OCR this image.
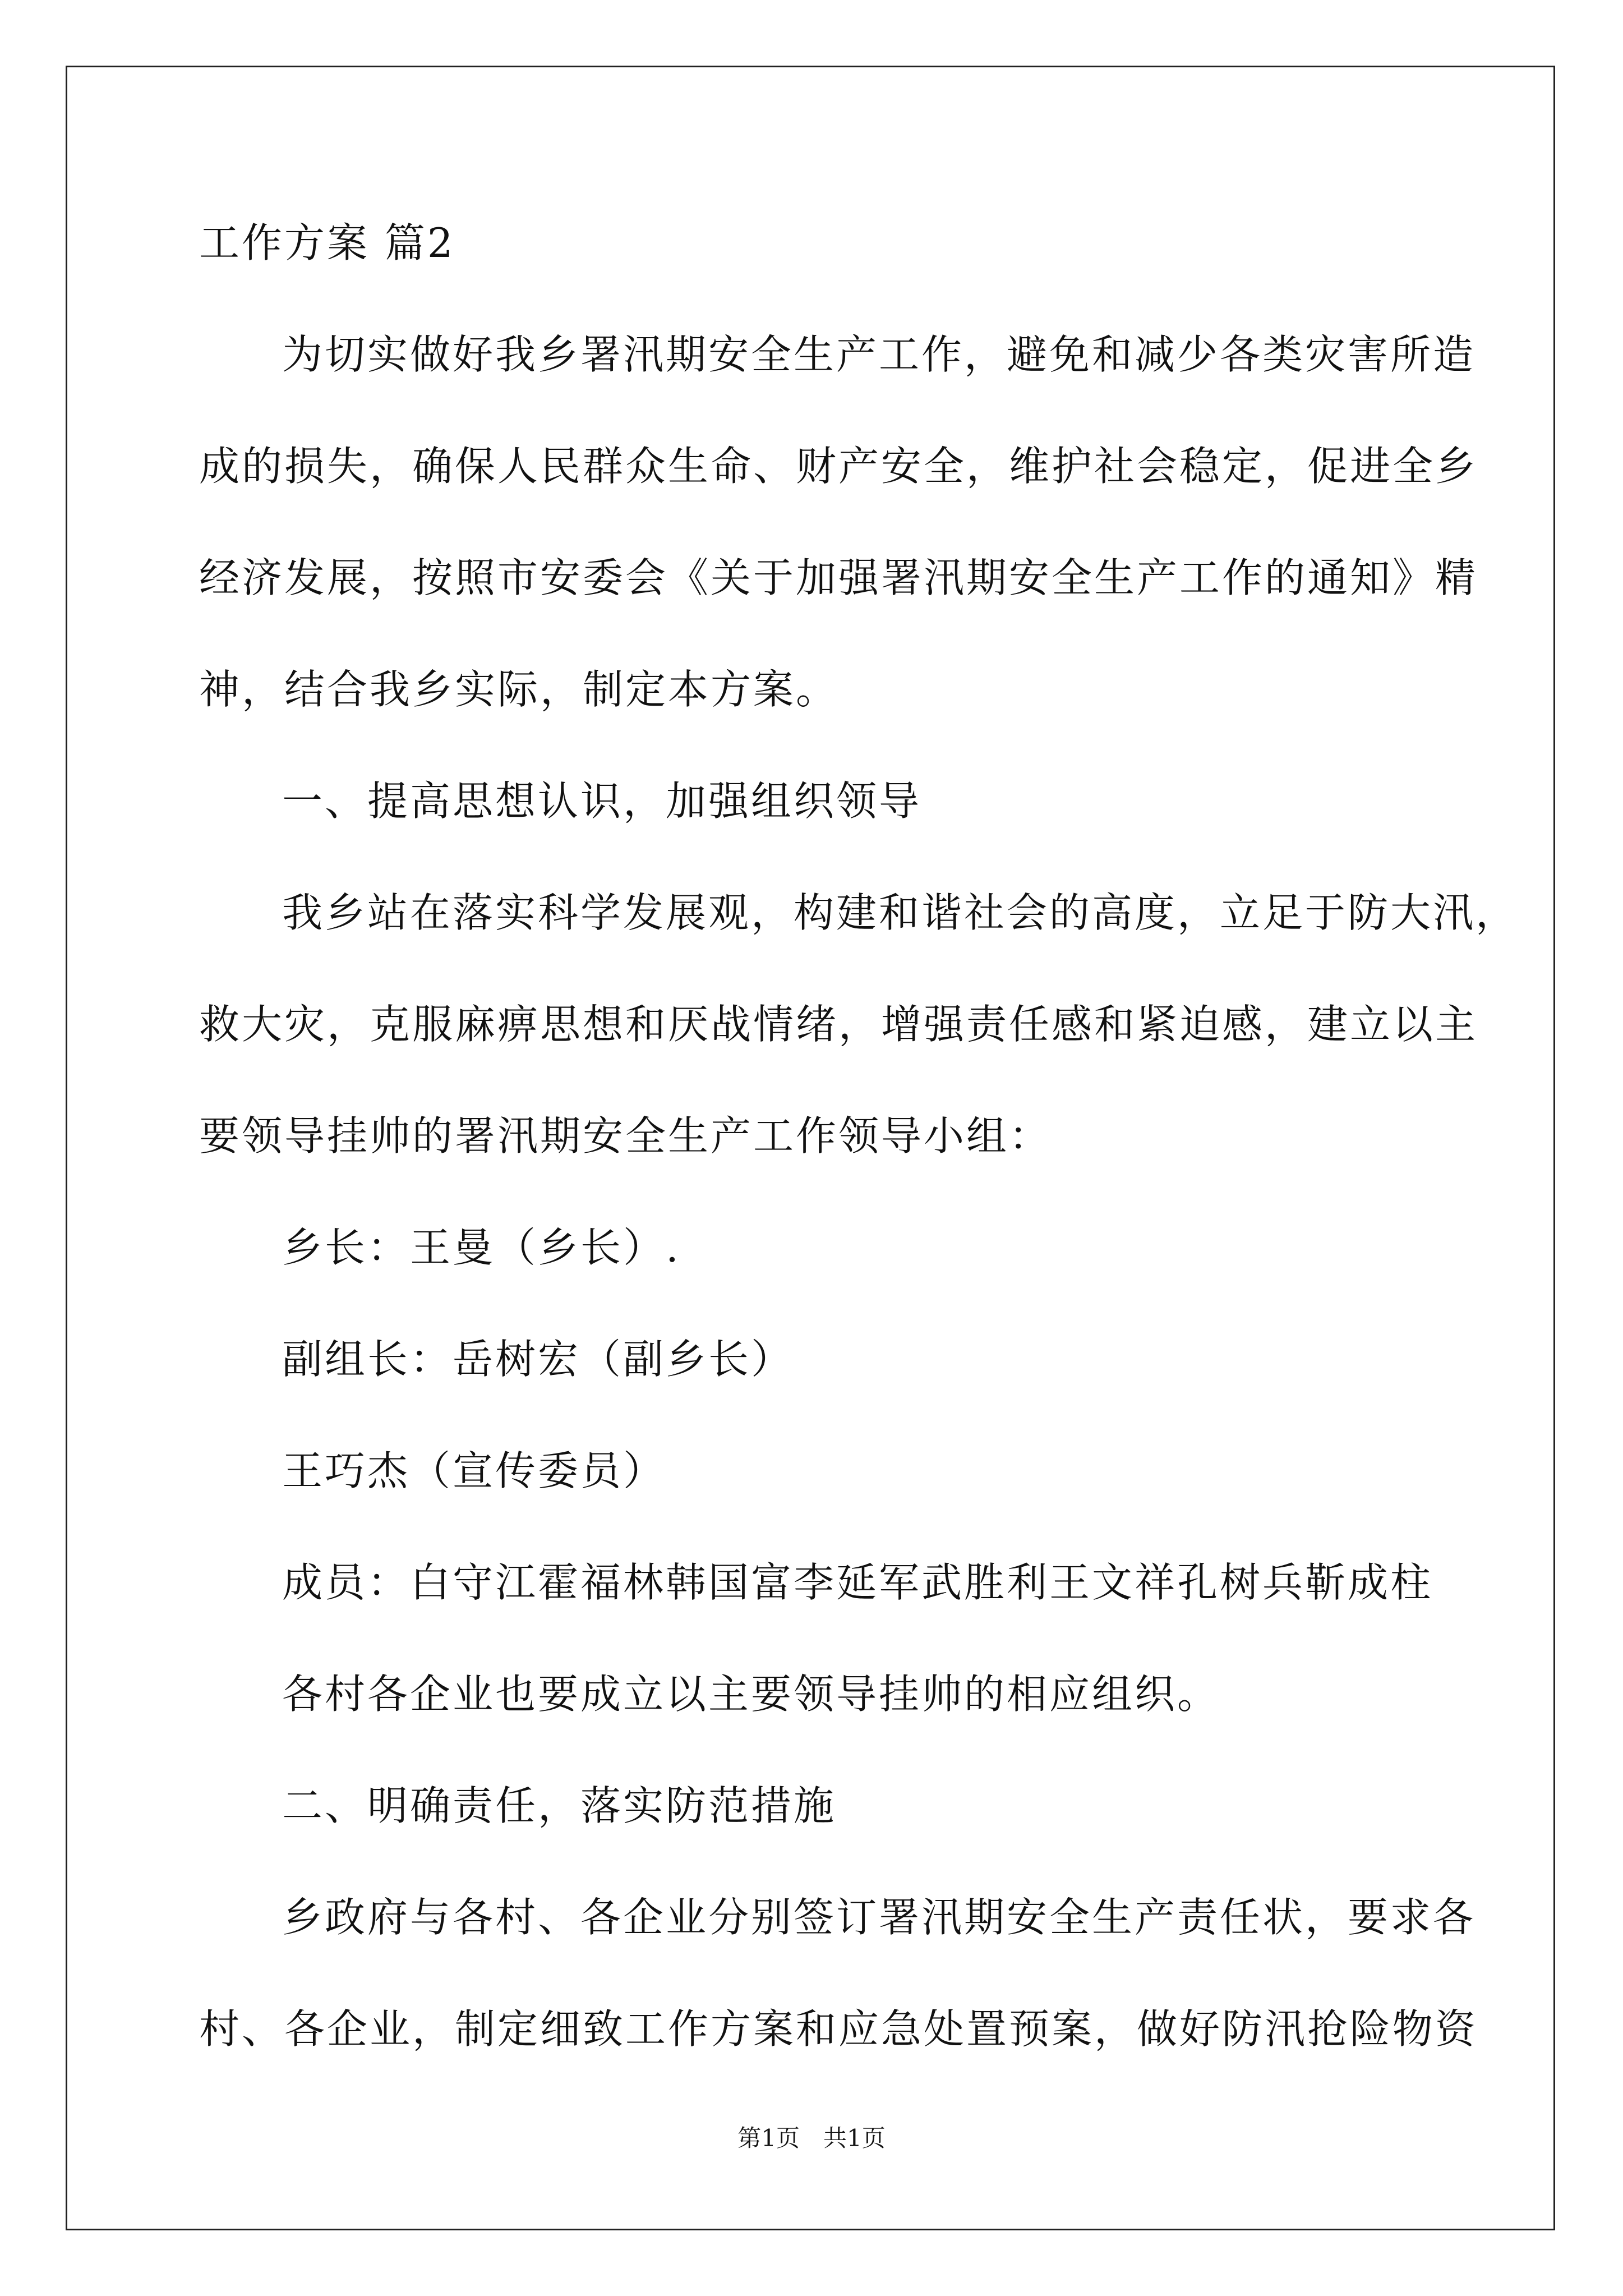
工作方案 篇2
为切实做好我乡署汛期安全生产工作，避免和减少各类灾害所造
成的损失，确保人民群众生命、财产安全，维护社会稳定，促进全乡
经济发展，按照市安委会《关于加强署汛期安全生产工作的通知》精
神，结合我乡实际，制定本方案。
一、提高思想认识，加强组织领导
我乡站在落实科学发展观，构建和谐社会的高度，立足于防大汛，
救大灾，克服麻痹思想和厌战情绪，增强责任感和紧迫感，建立以主
要领导挂帅的署汛期安全生产工作领导小组：
乡长：王曼（乡长）.
副组长：岳树宏（副乡长）
王巧杰（宣传委员）
成员：白守江霍福林韩国富李延军武胜利王文祥孔树兵靳成柱
各村各企业也要成立以主要领导挂帅的相应组织。
二、明确责任，落实防范措施
乡政府与各村、各企业分别签订署汛期安全生产责任状，要求各
村、各企业，制定细致工作方案和应急处置预案，做好防汛抢险物资
第1页　共1页
